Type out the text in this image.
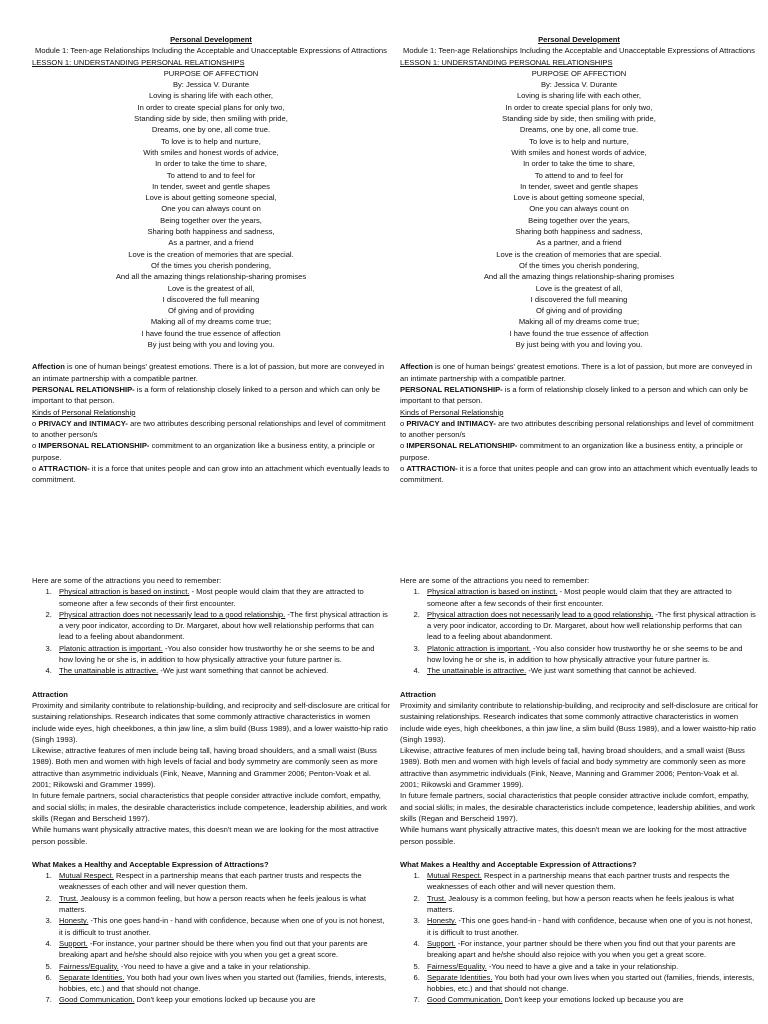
Personal Development
Module 1: Teen-age Relationships Including the Acceptable and Unacceptable Expressions of Attractions
LESSON 1: UNDERSTANDING PERSONAL RELATIONSHIPS
PURPOSE OF AFFECTION
By: Jessica V. Durante
Loving is sharing life with each other,
In order to create special plans for only two,
Standing side by side, then smiling with pride,
Dreams, one by one, all come true.
To love is to help and nurture,
With smiles and honest words of advice,
In order to take the time to share,
To attend to and to feel for
In tender, sweet and gentle shapes
Love is about getting someone special,
One you can always count on
Being together over the years,
Sharing both happiness and sadness,
As a partner, and a friend
Love is the creation of memories that are special.
Of the times you cherish pondering,
And all the amazing things relationship-sharing promises
Love is the greatest of all,
I discovered the full meaning
Of giving and of providing
Making all of my dreams come true;
I have found the true essence of affection
By just being with you and loving you.
Affection is one of human beings' greatest emotions. There is a lot of passion, but more are conveyed in an intimate partnership with a compatible partner.
PERSONAL RELATIONSHIP- is a form of relationship closely linked to a person and which can only be important to that person.
Kinds of Personal Relationship
o PRIVACY and INTIMACY- are two attributes describing personal relationships and level of commitment to another person/s
o IMPERSONAL RELATIONSHIP- commitment to an organization like a business entity, a principle or purpose.
o ATTRACTION- it is a force that unites people and can grow into an attachment which eventually leads to commitment.
Personal Development
Module 1: Teen-age Relationships Including the Acceptable and Unacceptable Expressions of Attractions
LESSON 1: UNDERSTANDING PERSONAL RELATIONSHIPS
PURPOSE OF AFFECTION
By: Jessica V. Durante
Loving is sharing life with each other,
In order to create special plans for only two,
Standing side by side, then smiling with pride,
Dreams, one by one, all come true.
To love is to help and nurture,
With smiles and honest words of advice,
In order to take the time to share,
To attend to and to feel for
In tender, sweet and gentle shapes
Love is about getting someone special,
One you can always count on
Being together over the years,
Sharing both happiness and sadness,
As a partner, and a friend
Love is the creation of memories that are special.
Of the times you cherish pondering,
And all the amazing things relationship-sharing promises
Love is the greatest of all,
I discovered the full meaning
Of giving and of providing
Making all of my dreams come true;
I have found the true essence of affection
By just being with you and loving you.
Affection is one of human beings' greatest emotions. There is a lot of passion, but more are conveyed in an intimate partnership with a compatible partner.
PERSONAL RELATIONSHIP- is a form of relationship closely linked to a person and which can only be important to that person.
Kinds of Personal Relationship
o PRIVACY and INTIMACY- are two attributes describing personal relationships and level of commitment to another person/s
o IMPERSONAL RELATIONSHIP- commitment to an organization like a business entity, a principle or purpose.
o ATTRACTION- it is a force that unites people and can grow into an attachment which eventually leads to commitment.
Here are some of the attractions you need to remember:
1. Physical attraction is based on instinct. - Most people would claim that they are attracted to someone after a few seconds of their first encounter.
2. Physical attraction does not necessarily lead to a good relationship. -The first physical attraction is a very poor indicator, according to Dr. Margaret, about how well relationship performs that can lead to a feeling about abandonment.
3. Platonic attraction is important. -You also consider how trustworthy he or she seems to be and how loving he or she is, in addition to how physically attractive your future partner is.
4. The unattainable is attractive. -We just want something that cannot be achieved.
Attraction
Proximity and similarity contribute to relationship-building, and reciprocity and self-disclosure are critical for sustaining relationships. Research indicates that some commonly attractive characteristics in women include wide eyes, high cheekbones, a thin jaw line, a slim build (Buss 1989), and a lower waistto-hip ratio (Singh 1993).
Likewise, attractive features of men include being tall, having broad shoulders, and a small waist (Buss 1989). Both men and women with high levels of facial and body symmetry are commonly seen as more attractive than asymmetric individuals (Fink, Neave, Manning and Grammer 2006; Penton-Voak et al. 2001; Rikowski and Grammer 1999).
In future female partners, social characteristics that people consider attractive include comfort, empathy, and social skills; in males, the desirable characteristics include competence, leadership abilities, and work skills (Regan and Berscheid 1997).
While humans want physically attractive mates, this doesn't mean we are looking for the most attractive person possible.
What Makes a Healthy and Acceptable Expression of Attractions?
1. Mutual Respect. Respect in a partnership means that each partner trusts and respects the weaknesses of each other and will never question them.
2. Trust. Jealousy is a common feeling, but how a person reacts when he feels jealous is what matters.
3. Honesty. -This one goes hand-in - hand with confidence, because when one of you is not honest, it is difficult to trust another.
4. Support. -For instance, your partner should be there when you find out that your parents are breaking apart and he/she should also rejoice with you when you get a great score.
5. Fairness/Equality. -You need to have a give and a take in your relationship.
6. Separate Identities. You both had your own lives when you started out (families, friends, interests, hobbies, etc.) and that should not change.
7. Good Communication. Don't keep your emotions locked up because you are
Here are some of the attractions you need to remember:
1. Physical attraction is based on instinct. - Most people would claim that they are attracted to someone after a few seconds of their first encounter.
2. Physical attraction does not necessarily lead to a good relationship. -The first physical attraction is a very poor indicator, according to Dr. Margaret, about how well relationship performs that can lead to a feeling about abandonment.
3. Platonic attraction is important. -You also consider how trustworthy he or she seems to be and how loving he or she is, in addition to how physically attractive your future partner is.
4. The unattainable is attractive. -We just want something that cannot be achieved.
Attraction
Proximity and similarity contribute to relationship-building, and reciprocity and self-disclosure are critical for sustaining relationships. Research indicates that some commonly attractive characteristics in women include wide eyes, high cheekbones, a thin jaw line, a slim build (Buss 1989), and a lower waistto-hip ratio (Singh 1993).
Likewise, attractive features of men include being tall, having broad shoulders, and a small waist (Buss 1989). Both men and women with high levels of facial and body symmetry are commonly seen as more attractive than asymmetric individuals (Fink, Neave, Manning and Grammer 2006; Penton-Voak et al. 2001; Rikowski and Grammer 1999).
In future female partners, social characteristics that people consider attractive include comfort, empathy, and social skills; in males, the desirable characteristics include competence, leadership abilities, and work skills (Regan and Berscheid 1997).
While humans want physically attractive mates, this doesn't mean we are looking for the most attractive person possible.
What Makes a Healthy and Acceptable Expression of Attractions?
1. Mutual Respect. Respect in a partnership means that each partner trusts and respects the weaknesses of each other and will never question them.
2. Trust. Jealousy is a common feeling, but how a person reacts when he feels jealous is what matters.
3. Honesty. -This one goes hand-in - hand with confidence, because when one of you is not honest, it is difficult to trust another.
4. Support. -For instance, your partner should be there when you find out that your parents are breaking apart and he/she should also rejoice with you when you get a great score.
5. Fairness/Equality. -You need to have a give and a take in your relationship.
6. Separate Identities. You both had your own lives when you started out (families, friends, interests, hobbies, etc.) and that should not change.
7. Good Communication. Don't keep your emotions locked up because you are
